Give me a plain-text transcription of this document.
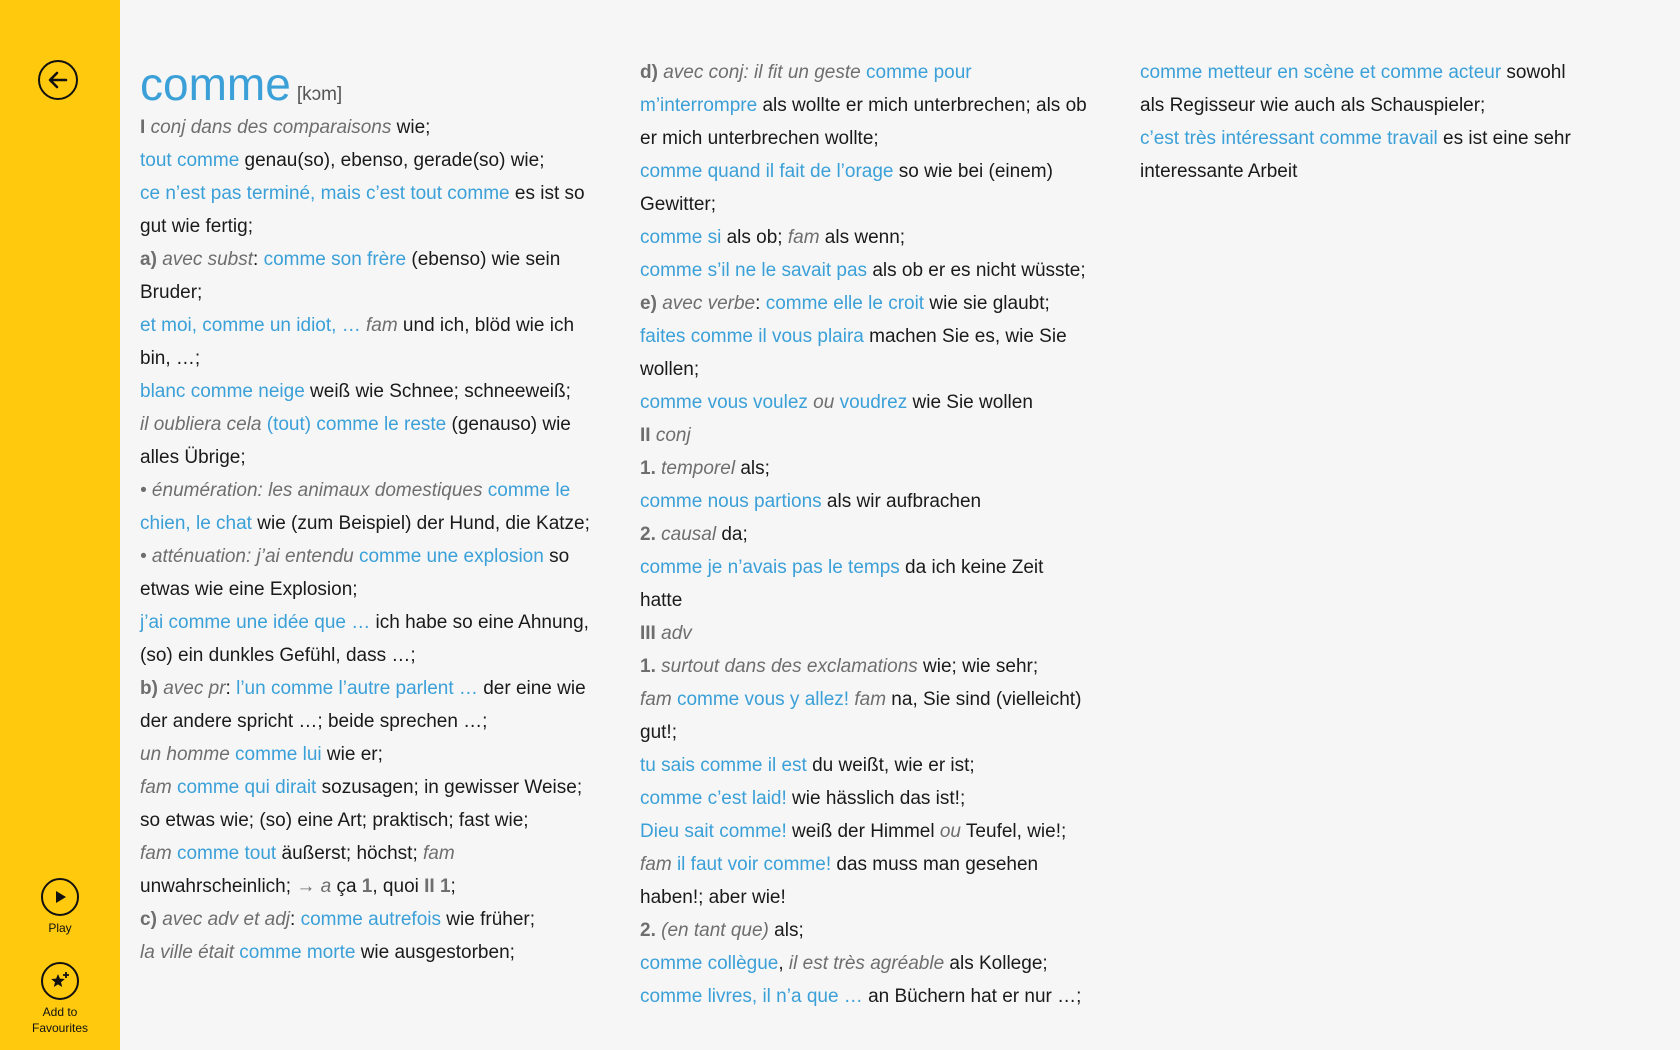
Play
Add to Favourites
comme [kɔm]
I conj dans des comparaisons wie;
tout comme genau(so), ebenso, gerade(so) wie;
ce n’est pas terminé, mais c’est tout comme es ist so gut wie fertig;
a) avec subst: comme son frère (ebenso) wie sein Bruder;
et moi, comme un idiot, … fam und ich, blöd wie ich bin, …;
blanc comme neige weiß wie Schnee; schneeweiß;
il oubliera cela (tout) comme le reste (genauso) wie alles Übrige;
• énumération: les animaux domestiques comme le chien, le chat wie (zum Beispiel) der Hund, die Katze;
• atténuation: j’ai entendu comme une explosion so etwas wie eine Explosion;
j’ai comme une idée que … ich habe so eine Ahnung, (so) ein dunkles Gefühl, dass …;
b) avec pr: l’un comme l’autre parlent … der eine wie der andere spricht …; beide sprechen …;
un homme comme lui wie er;
fam comme qui dirait sozusagen; in gewisser Weise; so etwas wie; (so) eine Art; praktisch; fast wie;
fam comme tout äußerst; höchst; fam unwahrscheinlich; → a ça 1, quoi II 1;
c) avec adv et adj: comme autrefois wie früher;
la ville était comme morte wie ausgestorben;
d) avec conj: il fit un geste comme pour m’interrompre als wollte er mich unterbrechen; als ob er mich unterbrechen wollte;
comme quand il fait de l’orage so wie bei (einem) Gewitter;
comme si als ob; fam als wenn;
comme s’il ne le savait pas als ob er es nicht wüsste;
e) avec verbe: comme elle le croit wie sie glaubt;
faites comme il vous plaira machen Sie es, wie Sie wollen;
comme vous voulez ou voudrez wie Sie wollen
II conj
1. temporel als;
comme nous partions als wir aufbrachen
2. causal da;
comme je n’avais pas le temps da ich keine Zeit hatte
III adv
1. surtout dans des exclamations wie; wie sehr;
fam comme vous y allez! fam na, Sie sind (vielleicht) gut!;
tu sais comme il est du weißt, wie er ist;
comme c’est laid! wie hässlich das ist!;
Dieu sait comme! weiß der Himmel ou Teufel, wie!;
fam il faut voir comme! das muss man gesehen haben!; aber wie!
2. (en tant que) als;
comme collègue, il est très agréable als Kollege;
comme livres, il n’a que … an Büchern hat er nur …;
comme metteur en scène et comme acteur sowohl als Regisseur wie auch als Schauspieler;
c’est très intéressant comme travail es ist eine sehr interessante Arbeit
